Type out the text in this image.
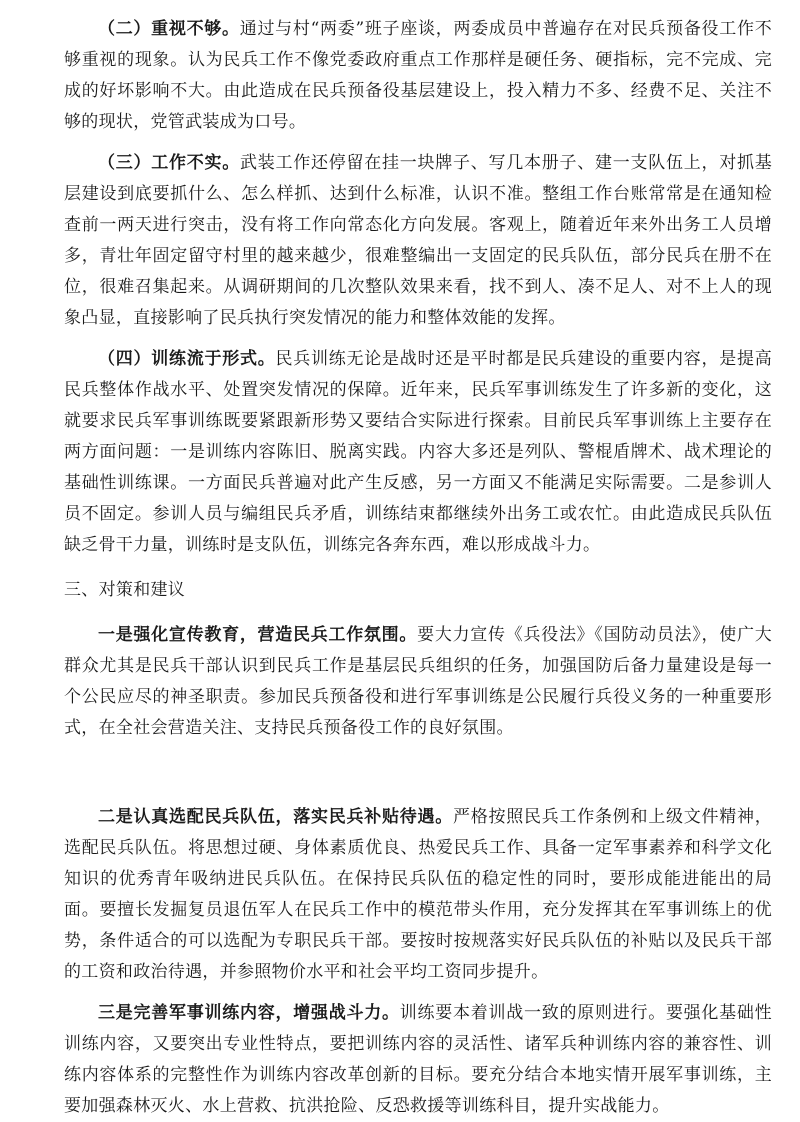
（二）重视不够。通过与村“两委”班子座谈，两委成员中普遍存在对民兵预备役工作不够重视的现象。认为民兵工作不像党委政府重点工作那样是硬任务、硬指标，完不完成、完成的好坏影响不大。由此造成在民兵预备役基层建设上，投入精力不多、经费不足、关注不够的现状，党管武装成为口号。

（三）工作不实。武装工作还停留在挂一块牌子、写几本册子、建一支队伍上，对抓基层建设到底要抓什么、怎么样抓、达到什么标准，认识不准。整组工作台账常常是在通知检查前一两天进行突击，没有将工作向常态化方向发展。客观上，随着近年来外出务工人员增多，青壮年固定留守村里的越来越少，很难整编出一支固定的民兵队伍，部分民兵在册不在位，很难召集起来。从调研期间的几次整队效果来看，找不到人、凑不足人、对不上人的现象凸显，直接影响了民兵执行突发情况的能力和整体效能的发挥。

（四）训练流于形式。民兵训练无论是战时还是平时都是民兵建设的重要内容，是提高民兵整体作战水平、处置突发情况的保障。近年来，民兵军事训练发生了许多新的变化，这就要求民兵军事训练既要紧跟新形势又要结合实际进行探索。目前民兵军事训练上主要存在两方面问题：一是训练内容陈旧、脱离实践。内容大多还是列队、警棍盾牌术、战术理论的基础性训练课。一方面民兵普遍对此产生反感，另一方面又不能满足实际需要。二是参训人员不固定。参训人员与编组民兵矛盾，训练结束都继续外出务工或农忙。由此造成民兵队伍缺乏骨干力量，训练时是支队伍，训练完各奔东西，难以形成战斗力。

三、对策和建议

一是强化宣传教育，营造民兵工作氛围。要大力宣传《兵役法》《国防动员法》，使广大群众尤其是民兵干部认识到民兵工作是基层民兵组织的任务，加强国防后备力量建设是每一个公民应尽的神圣职责。参加民兵预备役和进行军事训练是公民履行兵役义务的一种重要形式，在全社会营造关注、支持民兵预备役工作的良好氛围。

二是认真选配民兵队伍，落实民兵补贴待遇。严格按照民兵工作条例和上级文件精神，选配民兵队伍。将思想过硬、身体素质优良、热爱民兵工作、具备一定军事素养和科学文化知识的优秀青年吸纳进民兵队伍。在保持民兵队伍的稳定性的同时，要形成能进能出的局面。要擅长发掘复员退伍军人在民兵工作中的模范带头作用，充分发挥其在军事训练上的优势，条件适合的可以选配为专职民兵干部。要按时按规落实好民兵队伍的补贴以及民兵干部的工资和政治待遇，并参照物价水平和社会平均工资同步提升。

三是完善军事训练内容，增强战斗力。训练要本着训战一致的原则进行。要强化基础性训练内容，又要突出专业性特点，要把训练内容的灵活性、诸军兵种训练内容的兼容性、训练内容体系的完整性作为训练内容改革创新的目标。要充分结合本地实情开展军事训练，主要加强森林灭火、水上营救、抗洪抢险、反恐救援等训练科目，提升实战能力。
